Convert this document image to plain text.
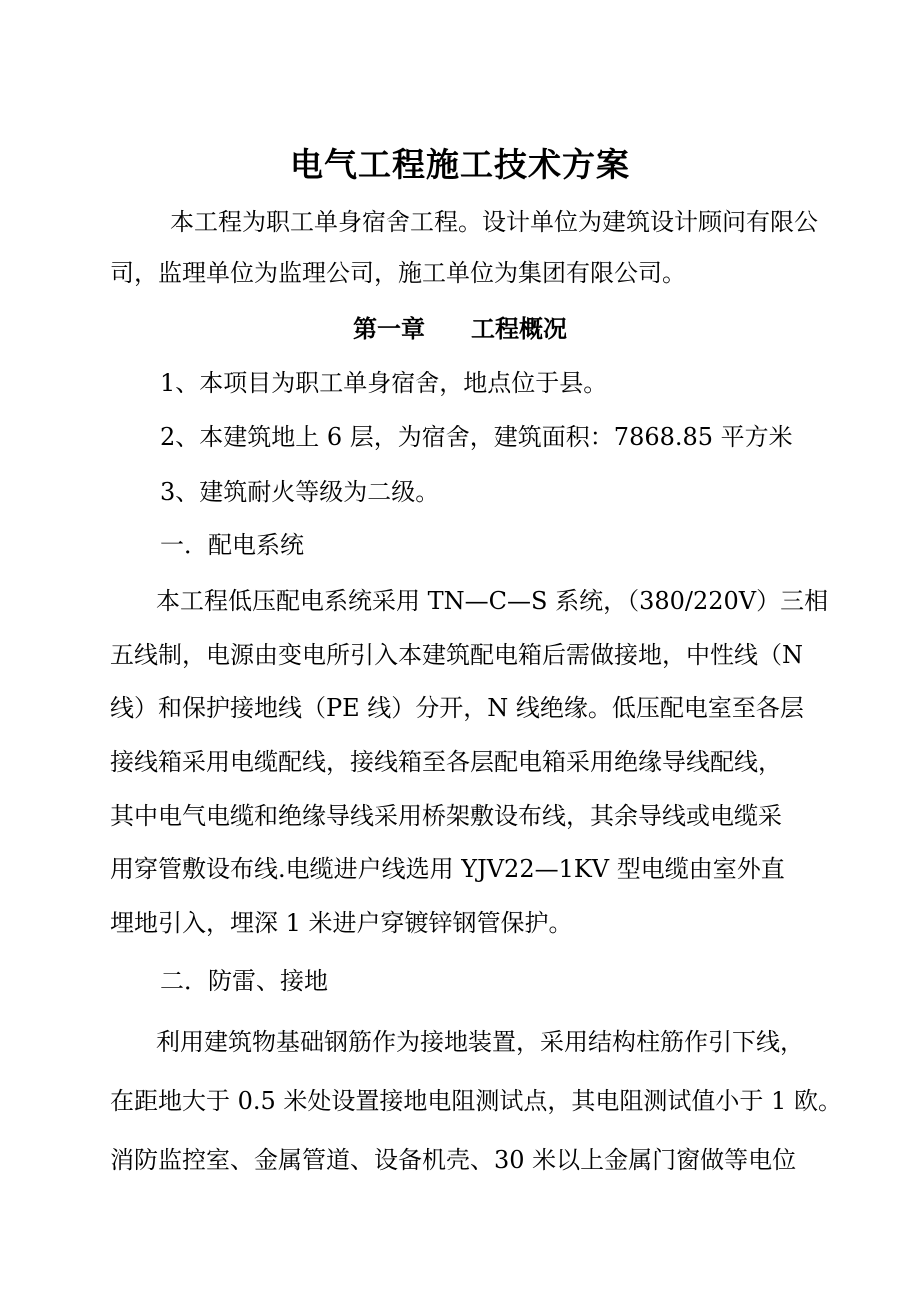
电气工程施工技术方案
本工程为职工单身宿舍工程。设计单位为建筑设计顾问有限公
司，监理单位为监理公司，施工单位为集团有限公司。
第一章 工程概况
1、本项目为职工单身宿舍，地点位于县。
2、本建筑地上 6 层，为宿舍，建筑面积：7868.85 平方米
3、建筑耐火等级为二级。
一．配电系统
本工程低压配电系统采用 TN—C—S 系统，（380/220V）三相
五线制，电源由变电所引入本建筑配电箱后需做接地，中性线（N
线）和保护接地线（PE 线）分开，N 线绝缘。低压配电室至各层
接线箱采用电缆配线，接线箱至各层配电箱采用绝缘导线配线，
其中电气电缆和绝缘导线采用桥架敷设布线，其余导线或电缆采
用穿管敷设布线.电缆进户线选用 YJV22—1KV 型电缆由室外直
埋地引入，埋深 1 米进户穿镀锌钢管保护。
二．防雷、接地
利用建筑物基础钢筋作为接地装置，采用结构柱筋作引下线，
在距地大于 0.5 米处设置接地电阻测试点，其电阻测试值小于 1 欧。
消防监控室、金属管道、设备机壳、30 米以上金属门窗做等电位
